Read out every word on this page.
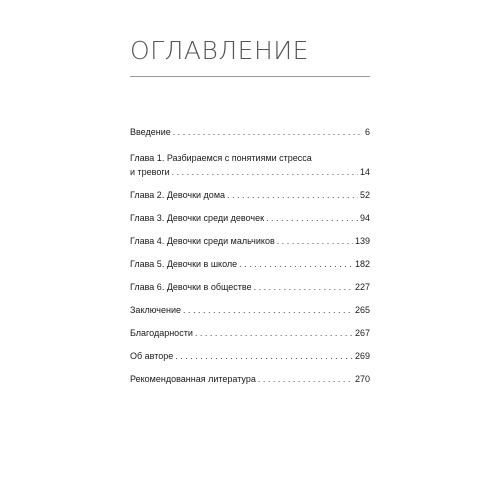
ОГЛАВЛЕНИЕ
Введение . . .	6
Глава 1. Разбираемся с понятиями стресса
и тревоги . . .	14
Глава 2. Девочки дома . . .	52
Глава 3. Девочки среди девочек . . .	94
Глава 4. Девочки среди мальчиков . . .	139
Глава 5. Девочки в школе . . .	182
Глава 6. Девочки в обществе . . .	227
Заключение . . .	265
Благодарности . . .	267
Об авторе . . .	269
Рекомендованная литература . . .	270
